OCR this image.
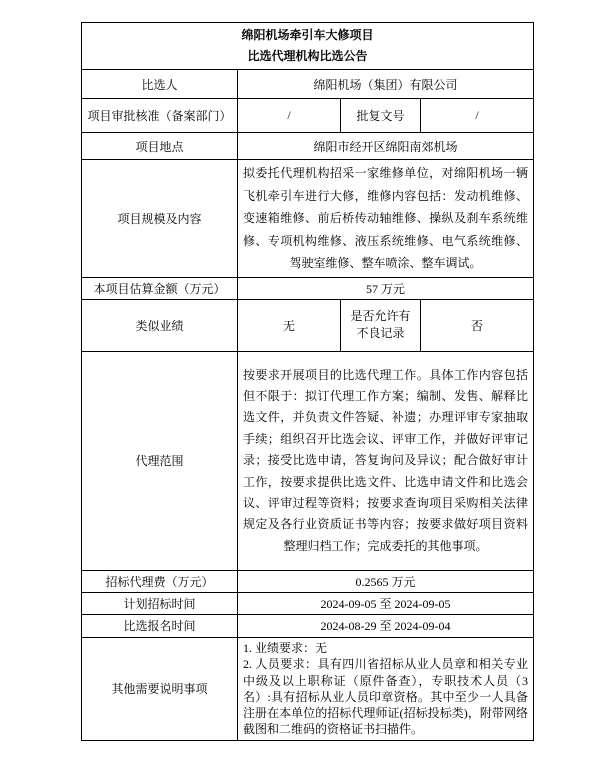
绵阳机场牵引车大修项目
比选代理机构比选公告			

比选人	绵阳机场（集团）有限公司		
项目审批核准（备案部门）	/	批复文号	/
项目地点	绵阳市经开区绵阳南郊机场		
项目规模及内容	拟委托代理机构招采一家维修单位，对绵阳机场一辆飞机牵引车进行大修，维修内容包括：发动机维修、变速箱维修、前后桥传动轴维修、操纵及刹车系统维修、专项机构维修、液压系统维修、电气系统维修、驾驶室维修、整车喷涂、整车调试。		
本项目估算金额（万元）	57 万元		
类似业绩	无	是否允许有不良记录	否
代理范围	按要求开展项目的比选代理工作。具体工作内容包括但不限于：拟订代理工作方案；编制、发售、解释比选文件，并负责文件答疑、补遗；办理评审专家抽取手续；组织召开比选会议、评审工作，并做好评审记录；接受比选申请，答复询问及异议；配合做好审计工作，按要求提供比选文件、比选申请文件和比选会议、评审过程等资料；按要求查询项目采购相关法律规定及各行业资质证书等内容；按要求做好项目资料整理归档工作；完成委托的其他事项。		
招标代理费（万元）	0.2565 万元		
计划招标时间	2024-09-05 至 2024-09-05		
比选报名时间	2024-08-29 至 2024-09-04		
其他需要说明事项	1. 业绩要求：无
2. 人员要求：具有四川省招标从业人员章和相关专业中级及以上职称证（原件备查），专职技术人员（3名）:具有招标从业人员印章资格。其中至少一人具备注册在本单位的招标代理师证(招标投标类)，附带网络截图和二维码的资格证书扫描件。		
